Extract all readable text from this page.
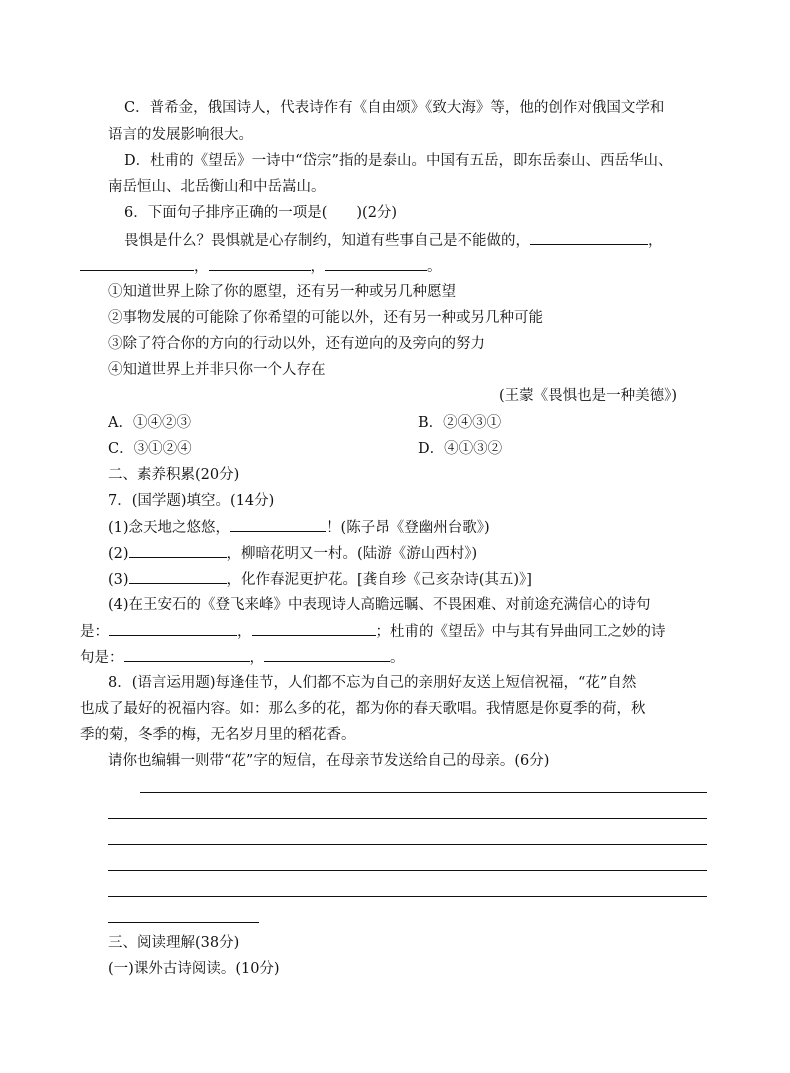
C．普希金，俄国诗人，代表诗作有《自由颂》《致大海》等，他的创作对俄国文学和
语言的发展影响很大。
D．杜甫的《望岳》一诗中“岱宗”指的是泰山。中国有五岳，即东岳泰山、西岳华山、
南岳恒山、北岳衡山和中岳嵩山。
6．下面句子排序正确的一项是(　　)(2分)
畏惧是什么？畏惧就是心存制约，知道有些事自己是不能做的，	，
，	，	。
①知道世界上除了你的愿望，还有另一种或另几种愿望
②事物发展的可能除了你希望的可能以外，还有另一种或另几种可能
③除了符合你的方向的行动以外，还有逆向的及旁向的努力
④知道世界上并非只你一个人存在
(王蒙《畏惧也是一种美德》)
A．①④②③	B．②④③①
C．③①②④	D．④①③②
二、素养积累(20分)
7．(国学题)填空。(14分)
(1)念天地之悠悠，	！(陈子昂《登幽州台歌》)
(2)	，柳暗花明又一村。(陆游《游山西村》)
(3)	，化作春泥更护花。[龚自珍《己亥杂诗(其五)》]
(4)在王安石的《登飞来峰》中表现诗人高瞻远瞩、不畏困难、对前途充满信心的诗句
是：	，	；杜甫的《望岳》中与其有异曲同工之妙的诗
句是：	，	。
8．(语言运用题)每逢佳节，人们都不忘为自己的亲朋好友送上短信祝福，“花”自然
也成了最好的祝福内容。如：那么多的花，都为你的春天歌唱。我情愿是你夏季的荷，秋
季的菊，冬季的梅，无名岁月里的稻花香。
请你也编辑一则带“花”字的短信，在母亲节发送给自己的母亲。(6分)
三、阅读理解(38分)
(一)课外古诗阅读。(10分)
